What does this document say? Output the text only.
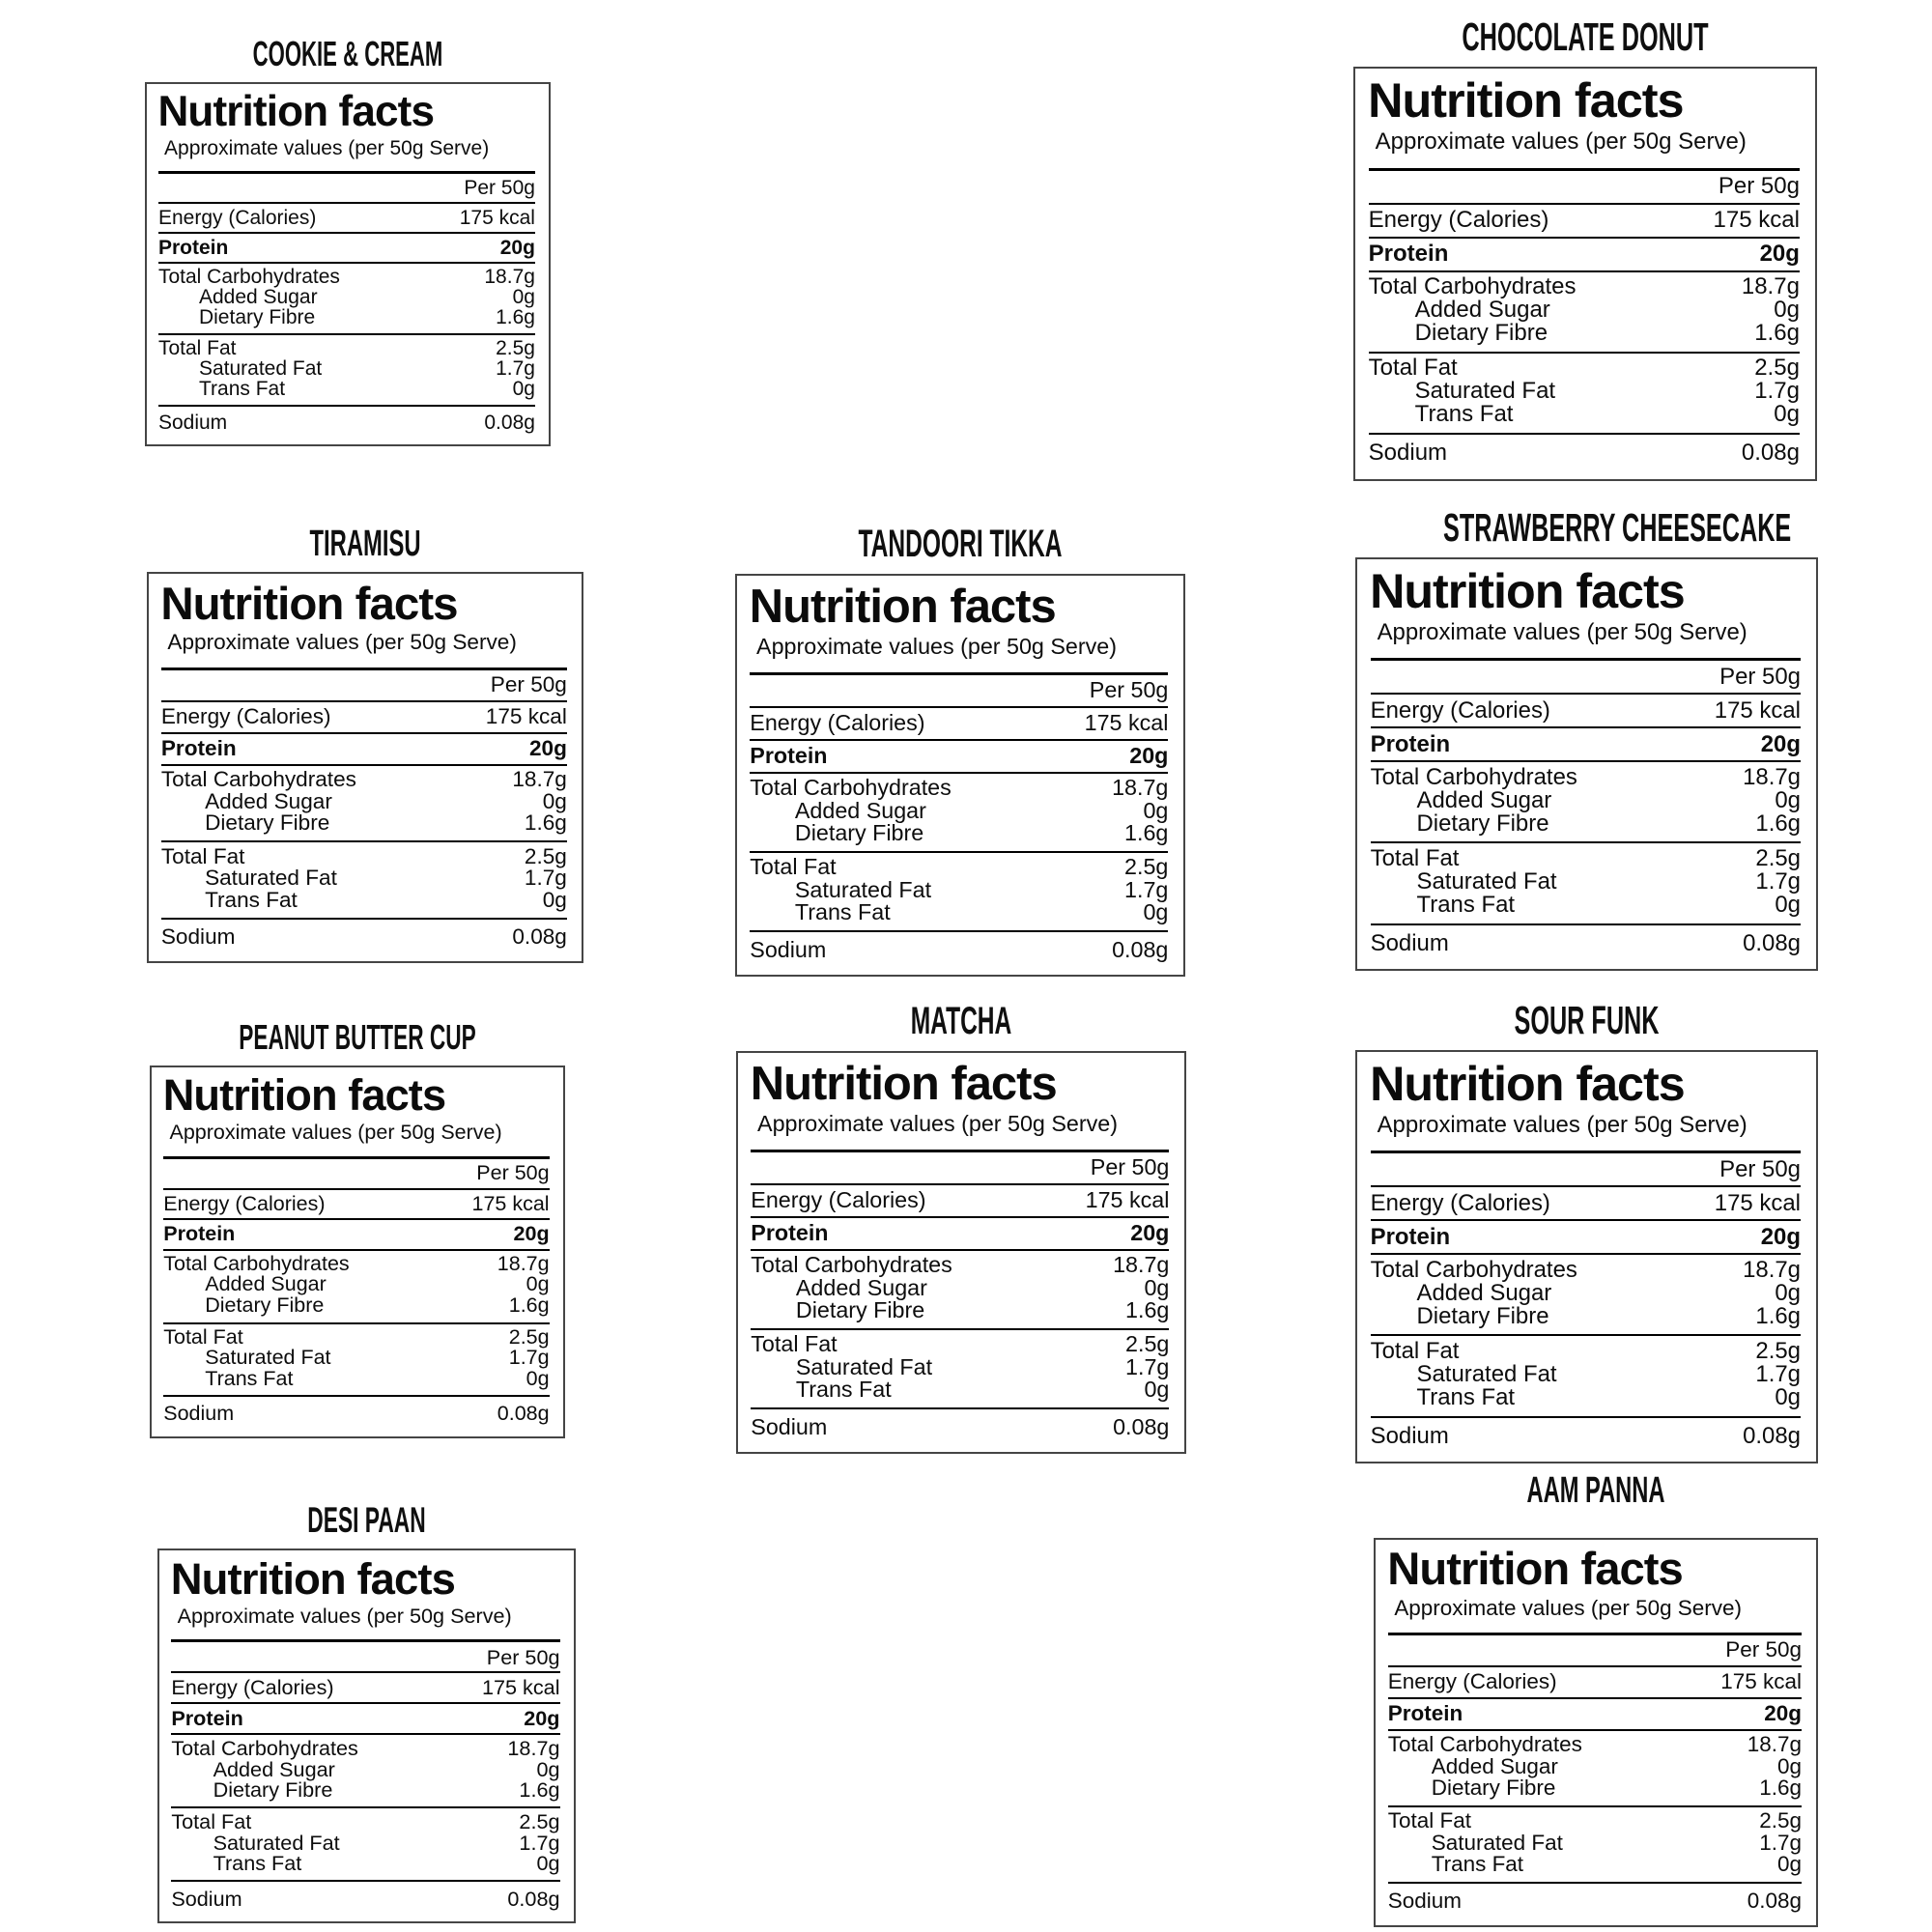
COOKIE & CREAM
Nutrition facts

Approximate values (per 50g Serve)

Per 50g
Energy (Calories)	175 kcal
Protein	20g
Total Carbohydrates	18.7g
Added Sugar	0g
Dietary Fibre	1.6g
Total Fat	2.5g
Saturated Fat	1.7g
Trans Fat	0g
Sodium	0.08g
CHOCOLATE DONUT
Nutrition facts

Approximate values (per 50g Serve)

Per 50g
Energy (Calories)	175 kcal
Protein	20g
Total Carbohydrates	18.7g
Added Sugar	0g
Dietary Fibre	1.6g
Total Fat	2.5g
Saturated Fat	1.7g
Trans Fat	0g
Sodium	0.08g
TIRAMISU
Nutrition facts

Approximate values (per 50g Serve)

Per 50g
Energy (Calories)	175 kcal
Protein	20g
Total Carbohydrates	18.7g
Added Sugar	0g
Dietary Fibre	1.6g
Total Fat	2.5g
Saturated Fat	1.7g
Trans Fat	0g
Sodium	0.08g
TANDOORI TIKKA
Nutrition facts

Approximate values (per 50g Serve)

Per 50g
Energy (Calories)	175 kcal
Protein	20g
Total Carbohydrates	18.7g
Added Sugar	0g
Dietary Fibre	1.6g
Total Fat	2.5g
Saturated Fat	1.7g
Trans Fat	0g
Sodium	0.08g
STRAWBERRY CHEESECAKE
Nutrition facts

Approximate values (per 50g Serve)

Per 50g
Energy (Calories)	175 kcal
Protein	20g
Total Carbohydrates	18.7g
Added Sugar	0g
Dietary Fibre	1.6g
Total Fat	2.5g
Saturated Fat	1.7g
Trans Fat	0g
Sodium	0.08g
PEANUT BUTTER CUP
Nutrition facts

Approximate values (per 50g Serve)

Per 50g
Energy (Calories)	175 kcal
Protein	20g
Total Carbohydrates	18.7g
Added Sugar	0g
Dietary Fibre	1.6g
Total Fat	2.5g
Saturated Fat	1.7g
Trans Fat	0g
Sodium	0.08g
MATCHA
Nutrition facts

Approximate values (per 50g Serve)

Per 50g
Energy (Calories)	175 kcal
Protein	20g
Total Carbohydrates	18.7g
Added Sugar	0g
Dietary Fibre	1.6g
Total Fat	2.5g
Saturated Fat	1.7g
Trans Fat	0g
Sodium	0.08g
SOUR FUNK
Nutrition facts

Approximate values (per 50g Serve)

Per 50g
Energy (Calories)	175 kcal
Protein	20g
Total Carbohydrates	18.7g
Added Sugar	0g
Dietary Fibre	1.6g
Total Fat	2.5g
Saturated Fat	1.7g
Trans Fat	0g
Sodium	0.08g
DESI PAAN
Nutrition facts

Approximate values (per 50g Serve)

Per 50g
Energy (Calories)	175 kcal
Protein	20g
Total Carbohydrates	18.7g
Added Sugar	0g
Dietary Fibre	1.6g
Total Fat	2.5g
Saturated Fat	1.7g
Trans Fat	0g
Sodium	0.08g
AAM PANNA
Nutrition facts

Approximate values (per 50g Serve)

Per 50g
Energy (Calories)	175 kcal
Protein	20g
Total Carbohydrates	18.7g
Added Sugar	0g
Dietary Fibre	1.6g
Total Fat	2.5g
Saturated Fat	1.7g
Trans Fat	0g
Sodium	0.08g
